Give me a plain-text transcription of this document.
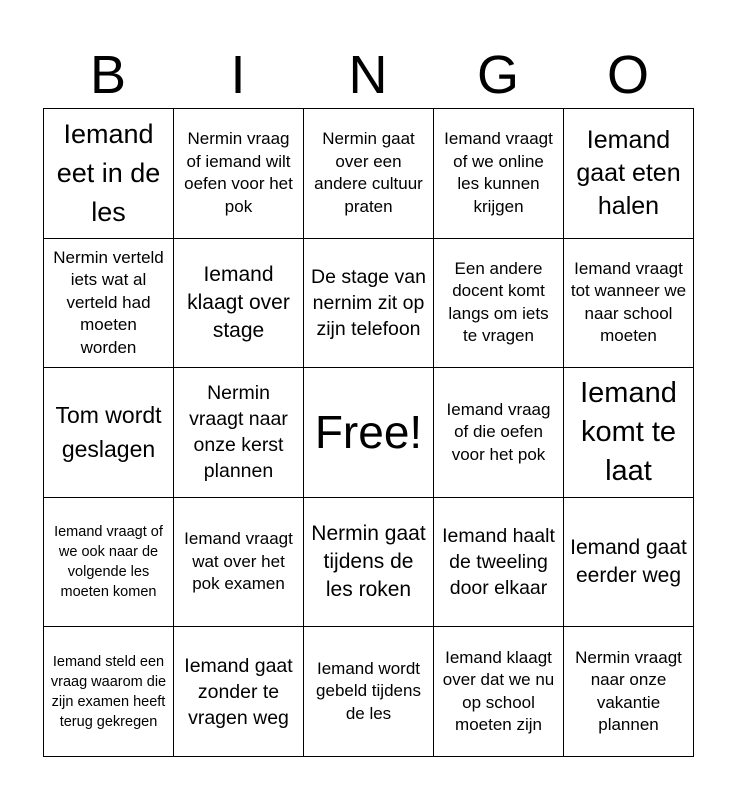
B	I	N	G	O
Iemand eet in de les	Nermin vraag of iemand wilt oefen voor het pok	Nermin gaat over een andere cultuur praten	Iemand vraagt of we online les kunnen krijgen	Iemand gaat eten halen
Nermin verteld iets wat al verteld had moeten worden	Iemand klaagt over stage	De stage van nernim zit op zijn telefoon	Een andere docent komt langs om iets te vragen	Iemand vraagt tot wanneer we naar school moeten
Tom wordt geslagen	Nermin vraagt naar onze kerst plannen	Free!	Iemand vraag of die oefen voor het pok	Iemand komt te laat
Iemand vraagt of we ook naar de volgende les moeten komen	Iemand vraagt wat over het pok examen	Nermin gaat tijdens de les roken	Iemand haalt de tweeling door elkaar	Iemand gaat eerder weg
Iemand steld een vraag waarom die zijn examen heeft terug gekregen	Iemand gaat zonder te vragen weg	Iemand wordt gebeld tijdens de les	Iemand klaagt over dat we nu op school moeten zijn	Nermin vraagt naar onze vakantie plannen
